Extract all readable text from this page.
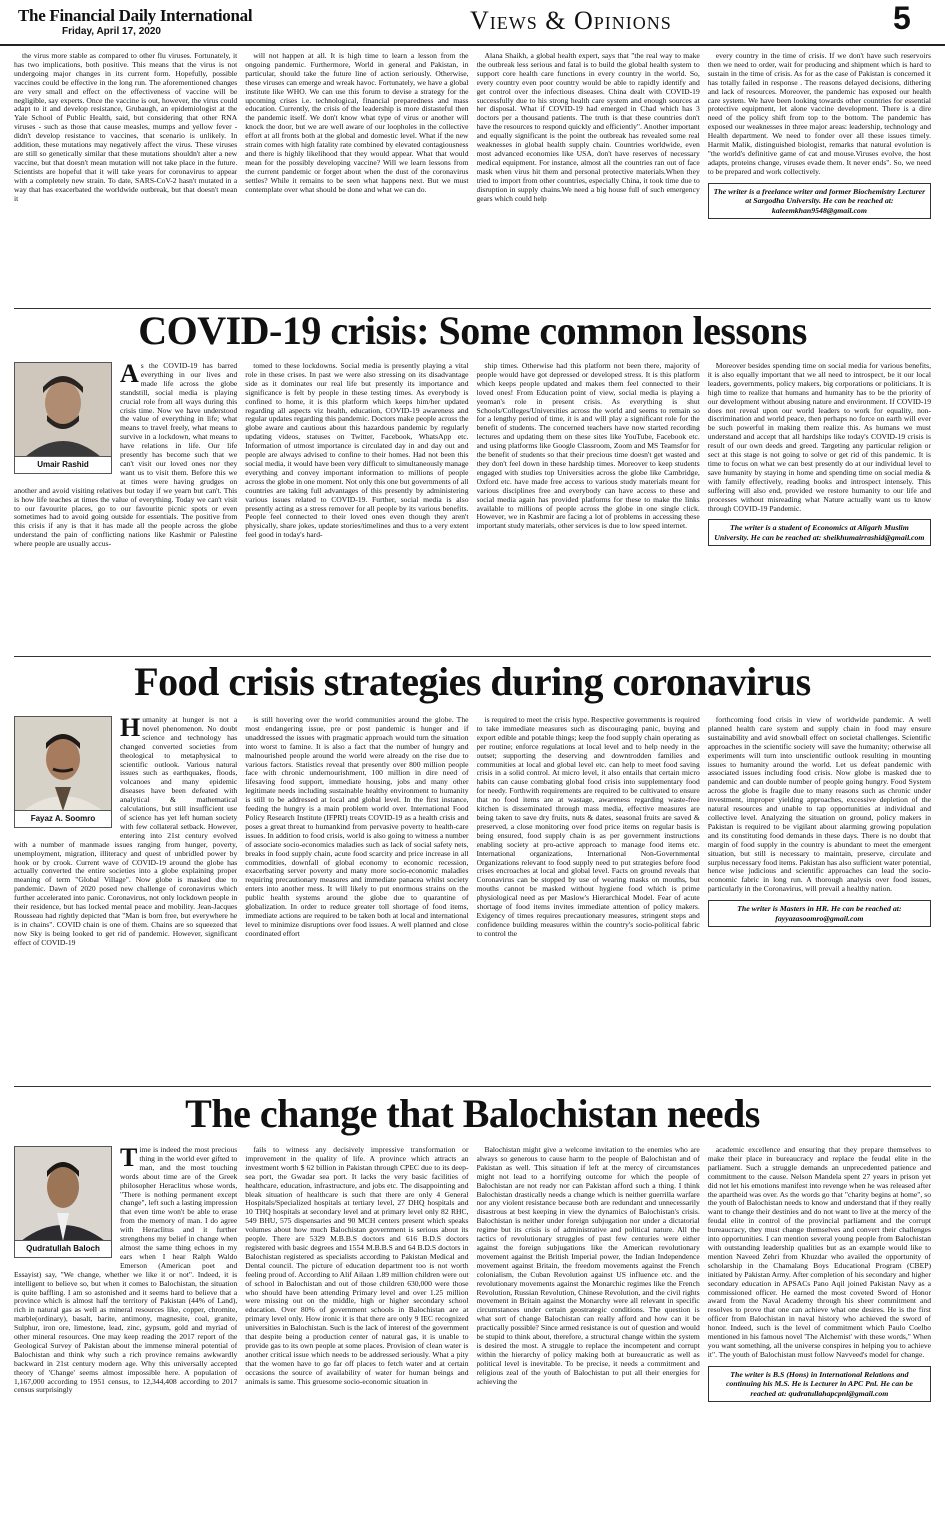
The Financial Daily International
Friday, April 17, 2020	Views & Opinions	5

the virus more stable as compared to other flu viruses. Fortunately, it has two implications, both positive. This means that the virus is not undergoing major changes in its current form. Hopefully, possible vaccines could be effective in the long run. The aforementioned changes are very small and effect on the effectiveness of vaccine will be negligible, say experts. Once the vaccine is out, however, the virus could adapt to it and develop resistance, Grubaugh, an epidemiologist at the Yale School of Public Health, said, but considering that other RNA viruses - such as those that cause measles, mumps and yellow fever - didn't develop resistance to vaccines, that scenario is unlikely. In addition, these mutations may negatively affect the virus. These viruses are still so genetically similar that these mutations shouldn't alter a new vaccine, but that doesn't mean mutation will not take place in the future. Scientists are hopeful that it will take years for coronavirus to appear with a completely new strain. To date, SARS-CoV-2 hasn't mutated in a way that has exacerbated the worldwide outbreak, but that doesn't mean it

will not happen at all. It is high time to learn a lesson from the ongoing pandemic. Furthermore, World in general and Pakistan, in particular, should take the future line of action seriously. Otherwise, these viruses can emerge and wreak havoc. Fortunately, we have a global institute like WHO. We can use this forum to devise a strategy for the upcoming crises i.e. technological, financial preparedness and mass education. Currently, the crisis of the leadership is more distasteful then the pandemic itself. We don't know what type of virus or another will knock the door, but we are well aware of our loopholes in the collective effort at all fronts both at the global and domestic level. What if the new strain comes with high fatality rate combined by elevated contagiousness and there is highly likelihood that they would appear. What that would mean for the possibly developing vaccine? Will we learn lessons from the current pandemic or forget about when the dust of the coronavirus settles? While it remains to be seen what happens next. But we must contemplate over what should be done and what we can do.

Alana Shaikh, a global health expert, says that "the real way to make the outbreak less serious and fatal is to build the global health system to support core health care functions in every country in the world. So, every country even poor country would be able to rapidly identify and get control over the infectious diseases. China dealt with COVID-19 successfully due to his strong health care system and enough sources at her disposal. What if COVID-19 had emerged in Chad which has 3 doctors per a thousand patients. The truth is that these countries don't have the resources to respond quickly and efficiently". Another important and equally significant is the point the outbreak has revealed some real weaknesses in global health supply chain. Countries worldwide, even most advanced economies like USA, don't have reserves of necessary medical equipment. For instance, almost all the countries ran out of face mask when virus hit them and personal protective materials.When they tried to import from other countries, especially China, it took time due to disruption in supply chains.We need a big house full of such emergency gears which could help

every country in the time of crisis. If we don't have such reservoirs then we need to order, wait for producing and shipment which is hard to sustain in the time of crisis. As for as the case of Pakistan is concerned it has totally failed in response . The reasons delayed decisions, dithering and lack of resources. Moreover, the pandemic has exposed our health care system. We have been looking towards other countries for essential protective equipment, let alone vaccine development. There is a dire need of the policy shift from top to the bottom. The pandemic has exposed our weaknesses in three major areas: leadership, technology and Health department. We need to fonder over all these issues timely. Harmit Malik, distinguished biologist, remarks that natural evolution is "the world's definitive game of cat and mouse.Viruses evolve, the host adapts, proteins change, viruses evade them. It never ends". So, we need to be prepared and work collectively.

The writer is a freelance writer and former Biochemistry Lecturer at Sargodha University. He can be reached at: kaleemkhan9548@gmail.com
COVID-19 crisis: Some common lessons
Umair Rashid
A s the COVID-19 has barred everything in our lives and made life across the globe standstill, social media is playing crucial role from all ways during this crisis time. Now we have understood the value of everything in life; what means to travel freely, what means to survive in a lockdown, what means to have relations in life. Our life presently has become such that we can't visit our loved ones nor they want us to visit them. Before this we at times were having grudges on another and avoid visiting relatives but today if we yearn but can't. This is how life teaches at times the value of everything. Today we can't visit to our favourite places, go to our favourite picnic spots or even sometimes had to avoid going outside for essentials. The positive from this crisis if any is that it has made all the people across the globe understand the pain of conflicting nations like Kashmir or Palestine where people are usually accus-

tomed to these lockdowns. Social media is presently playing a vital role in these crises. In past we were also stressing on its disadvantage side as it dominates our real life but presently its importance and significance is felt by people in these testing times. As everybody is confined to home, it is this platform which keeps him/her updated regarding all aspects viz health, education, COVID-19 awareness and regular updates regarding this pandemic. Doctors make people across the globe aware and cautious about this hazardous pandemic by regularly updating videos, statuses on Twitter, Facebook, WhatsApp etc. Information of utmost importance is circulated day in and day out and people are always advised to confine to their homes. Had not been this social media, it would have been very difficult to simultaneously manage everything and convey important information to millions of people across the globe in one moment. Not only this one but governments of all countries are taking full advantages of this presently by administering various issues related to COVID-19. Further, social media is also presently acting as a stress remover for all people by its various benefits. People feel connected to their loved ones even though they aren't physically, share jokes, update stories/timelines and thus to a very extent feel good in today's hard-

ship times. Otherwise had this platform not been there, majority of people would have got depressed or developed stress. It is this platform which keeps people updated and makes them feel connected to their loved ones! From Education point of view, social media is playing a yeoman's role in present crisis. As everything is shut Schools/Colleges/Universities across the world and seems to remain so for a lengthy period of time, it is and will play a significant role for the benefit of students. The concerned teachers have now started recording lectures and updating them on these sites like YouTube, Facebook etc. and using platforms like Google Classroom, Zoom and MS Teamsfor for the benefit of students so that their precious time doesn't get wasted and they don't feel down in these hardship times. Moreover to keep students engaged with studies top Universities across the globe like Cambridge, Oxford etc. have made free access to various study materials meant for various disciplines free and everybody can have access to these and social media again has provided platforms for these to make the links available to millions of people across the globe in one single click. However, we in Kashmir are facing a lot of problems in accessing these important study materials, other services is due to low speed internet.

Moreover besides spending time on social media for various benefits, it is also equally important that we all need to introspect, be it our local leaders, governments, policy makers, big corporations or politicians. It is high time to realize that humans and humanity has to be the priority of our development without abusing nature and environment. If COVID-19 does not reveal upon our world leaders to work for equality, non-discrimination and world peace, then perhaps no force on earth will ever be such powerful in making them realize this. As humans we must understand and accept that all hardships like today's COVID-19 crisis is result of our own deeds and greed. Targeting any particular religion or sect at this stage is not going to solve or get rid of this pandemic. It is time to focus on what we can best presently do at our individual level to save humanity by staying in home and spending time on social media & with family effectively, reading books and introspect intensely. This suffering will also end, provided we restore humanity to our life and processes without misreading what Nature actually want us to know through COVID-19 Pandemic.

The writer is a student of Economics at Aligarh Muslim University. He can be reached at: sheikhumairrashid@gmail.com
Food crisis strategies during coronavirus
Fayaz A. Soomro
H umanity at hunger is not a novel phenomenon. No doubt science and technology has changed converted societies from theological to metaphysical to scientific outlook. Various natural issues such as earthquakes, floods, volcanoes and many epidemic diseases have been defeated with analytical & mathematical calculations, but still insufficient use of science has yet left human society with few collateral setback. However, entering into 21st century evolved with a number of manmade issues ranging from hunger, poverty, unemployment, migration, illiteracy and quest of unbridled power by hook or by crook. Current wave of COVID-19 around the globe has actually converted the entire societies into a globe explaining proper meaning of term "Global Village". Now globe is masked due to pandemic. Dawn of 2020 posed new challenge of coronavirus which further accelerated into panic. Coronavirus, not only lockdown people in their residence, but has locked mental peace and mobility. Jean-Jacques Rousseau had rightly depicted that "Man is born free, but everywhere he is in chains". COVID chain is one of them. Chains are so squeezed that now Sky is being looked to get rid of pandemic. However, significant effect of COVID-19

is still hovering over the world communities around the globe. The most endangering issue, pre or post pandemic is hunger and if unaddressed the issues with pragmatic approach would turn the situation into worst to famine. It is also a fact that the number of hungry and malnourished people around the world were already on the rise due to various factors. Statistics reveal that presently over 800 million people face with chronic undernourishment, 100 million in dire need of lifesaving food support, immediate housing, jobs and many other legitimate needs including sustainable healthy environment to humanity is still to be addressed at local and global level. In the first instance, feeding the hungry is a main problem world over. International Food Policy Research Institute (IFPRI) treats COVID-19 as a health crisis and poses a great threat to humankind from pervasive poverty to health-care issues. In addition to food crisis, world is also going to witness a number of associate socio-economics maladies such as lack of social safety nets, breaks in food supply chain, acute food scarcity and price increase in all commodities, downfall of global economy to economic recession, exacerbating server poverty and many more socio-economic maladies requiring precautionary measures and immediate panacea whilst society enters into another mess. It will likely to put enormous strains on the public health systems around the globe due to quarantine of globalization. In order to reduce greater toll shortage of food items, immediate actions are required to be taken both at local and international level to minimize disruptions over food issues. A well planned and close coordinated effort

is required to meet the crisis hype. Respective governments is required to take immediate measures such as discouraging panic, buying and export edible and potable things; keep the food supply chain operating as per routine; enforce regulations at local level and to help needy in the outset; supporting the deserving and downtrodden families and communities at local and global level etc. can help to meet food saving crisis in a solid control. At micro level, it also entails that certain micro habits can cause combating global food crisis into supplementary food for needy. Forthwith requirements are required to be cultivated to ensure that no food items are at wastage, awareness regarding waste-free kitchen is disseminated through mass media, effective measures are being taken to save dry fruits, nuts & dates, seasonal fruits are saved & preserved, a close monitoring over food price items on regular basis is being ensured, food supply chain is as per government instructions enabling society at pro-active approach to manage food items etc. International organizations, International Non-Governmental Organizations relevant to food supply need to put strategies before food crises encroaches at local and global level. Facts on ground reveals that Coronavirus can be stopped by use of wearing masks on mouths, but mouths cannot be masked without hygiene food which is prime physiological need as per Maslow's Hierarchical Model. Fear of acute shortage of food items invites immediate attention of policy makers. Exigency of times requires precautionary measures, stringent steps and confidence building measures within the country's socio-political fabric to control the

forthcoming food crisis in view of worldwide pandemic. A well planned health care system and supply chain in food may ensure sustainability and avid snowball effect on societal challenges. Scientific approaches in the scientific society will save the humanity; otherwise all experiments will turn into unscientific outlook resulting in mounting issues to humanity around the world. Let us defeat pandemic with associated issues including food crisis. Now globe is masked due to pandemic and can double number of people going hungry. Food System across the globe is fragile due to many reasons such as chronic under investment, improper yielding approaches, excessive depletion of the natural resources and unable to tap opportunities at individual and collective level. Analyzing the situation on ground, policy makers in Pakistan is required to be vigilant about alarming growing population and its constituting food demands in these days. There is no doubt that margin of food supply in the country is abundant to meet the emergent situation, but still is necessary to maintain, preserve, circulate and surplus necessary food items. Pakistan has also sufficient water potential, hence wise judicious and scientific approaches can lead the socio-economic fabric in long run. A thorough analysis over food issues, particularly in the Coronavirus, will prevail a healthy nation.

The writer is Masters in HR. He can be reached at: fayyazasoomro@gmail.com
The change that Balochistan needs
Qudratullah Baloch
T ime is indeed the most precious thing in the world ever gifted to man, and the most touching words about time are of the Greek philosopher Heraclitus whose words, "There is nothing permanent except change", left such a lasting impression that even time won't be able to erase from the memory of man. I do agree with Heraclitus and it further strengthens my belief in change when almost the same thing echoes in my ears when I hear Ralph Waldo Emerson (American poet and Essayist) say, "We change, whether we like it or not". Indeed, it is intelligent to believe so, but when it comes to Balochistan, the situation is quite baffling. I am so astonished and it seems hard to believe that a province which is almost half the territory of Pakistan (44% of Land), rich in natural gas as well as mineral resources like, copper, chromite, marble(ordinary), basalt, barite, antimony, magnesite, coal, granite, Sulphur, iron ore, limestone, lead, zinc, gypsum, gold and myriad of other mineral resources. One may keep reading the 2017 report of the Geological Survey of Pakistan about the immense mineral potential of Balochistan and think why such a rich province remains awkwardly backward in 21st century modern age. Why this universally accepted theory of 'Change' seems almost impossible here. A population of 1,167,000 according to 1951 census, to 12,344,408 according to 2017 census surprisingly

fails to witness any decisively impressive transformation or improvement in the quality of life. A province which attracts an investment worth $ 62 billion in Pakistan through CPEC due to its deep-sea port, the Gwadar sea port. It lacks the very basic facilities of healthcare, education, infrastructure, and jobs etc. The disappointing and bleak situation of healthcare is such that there are only 4 General Hospitals/Specialized hospitals at tertiary level, 27 DHQ hospitals and 10 THQ hospitals at secondary level and at primary level only 82 RHC, 549 BHU, 575 dispensaries and 90 MCH centers present which speaks volumes about how much Balochistan government is serious about its people. There are 5329 M.B.B.S doctors and 616 B.D.S doctors registered with basic degrees and 1554 M.B.B.S and 64 B.D.S doctors in Balochistan registered as specialists according to Pakistan Medical and Dental council. The picture of education department too is not worth feeling proud of. According to Alif Ailaan 1.89 million children were out of school in Balochistan and out of those children 630,000 were those who should have been attending Primary level and over 1.25 million were missing out on the middle, high or higher secondary school education. Over 80% of government schools in Balochistan are at primary level only. How ironic it is that there are only 9 IEC recognized universities in Balochistan. Such is the lack of interest of the government that despite being a production center of natural gas, it is unable to provide gas to its own people at some places. Provision of clean water is another critical issue which needs to be addressed seriously. What a pity that the women have to go far off places to fetch water and at certain occasions the source of availability of water for human beings and animals is same. This gruesome socio-economic situation in

Balochistan might give a welcome invitation to the enemies who are always so generous to cause harm to the people of Balochistan and of Pakistan as well. This situation if left at the mercy of circumstances might not lead to a horrifying outcome for which the people of Balochistan are not ready nor can Pakistan afford such a thing. I think Balochistan drastically needs a change which is neither guerrilla warfare nor any violent resistance because both are redundant and unnecessarily disastrous at best keeping in view the dynamics of Balochistan's crisis. Balochistan is neither under foreign subjugation nor under a dictatorial regime but its crisis is of administrative and political nature. All the tactics of revolutionary struggles of past few centuries were either against the foreign subjugations like the American revolutionary movement against the British Imperial power, the Indian Independence movement against Britain, the freedom movements against the French colonialism, the Cuban Revolution against US influence etc. and the revolutionary movements against the Monarchic regimes like the French Revolution, Russian Revolution, Chinese Revolution, and the civil rights movement in Britain against the Monarchy were all relevant in specific circumstances under certain geostrategic conditions. The question is what sort of change Balochistan can really afford and how can it be practically possible? Since armed resistance is out of question and would be stupid to think about, therefore, a structural change within the system is desired the most. A struggle to replace the incompetent and corrupt within the hierarchy of policy making both at bureaucratic as well as political level is inevitable. To be precise, it needs a commitment and religious zeal of the youth of Balochistan to put all their energies for achieving the

academic excellence and ensuring that they prepare themselves to make their place in bureaucracy and replace the feudal elite in the parliament. Such a struggle demands an unprecedented patience and commitment to the cause. Nelson Mandela spent 27 years in prison yet did not let his emotions manifest into revenge when he was released after the apartheid was over. As the words go that "charity begins at home", so the youth of Balochistan needs to know and understand that if they really want to change their destinies and do not want to live at the mercy of the feudal elite in control of the provincial parliament and the corrupt bureaucracy, they must change themselves and convert their challenges into opportunities. I can mention several young people from Balochistan with outstanding leadership qualities but as an example would like to mention Naveed Zehri from Khuzdar who availed the opportunity of scholarship in the Chamalang Boys Educational Program (CBEP) initiated by Pakistan Army. After completion of his secondary and higher secondary education in APSACs Pano Aqil joined Pakistan Navy as a commissioned officer. He earned the most coveted Sword of Honor award from the Naval Academy through his sheer commitment and resolves to prove that one can achieve what one desires. He is the first officer from Balochistan in naval history who achieved the sword of honor. Indeed, such is the level of commitment which Paulo Coelho mentioned in his famous novel 'The Alchemist' with these words," When you want something, all the universe conspires in helping you to achieve it". The youth of Balochistan must follow Navveed's model for change.

The writer is B.S (Hons) in International Relations and continuing his M.S. He is Lecturer in APC Pnl. He can be reached at: qudratullahapcpnl@gmail.com
